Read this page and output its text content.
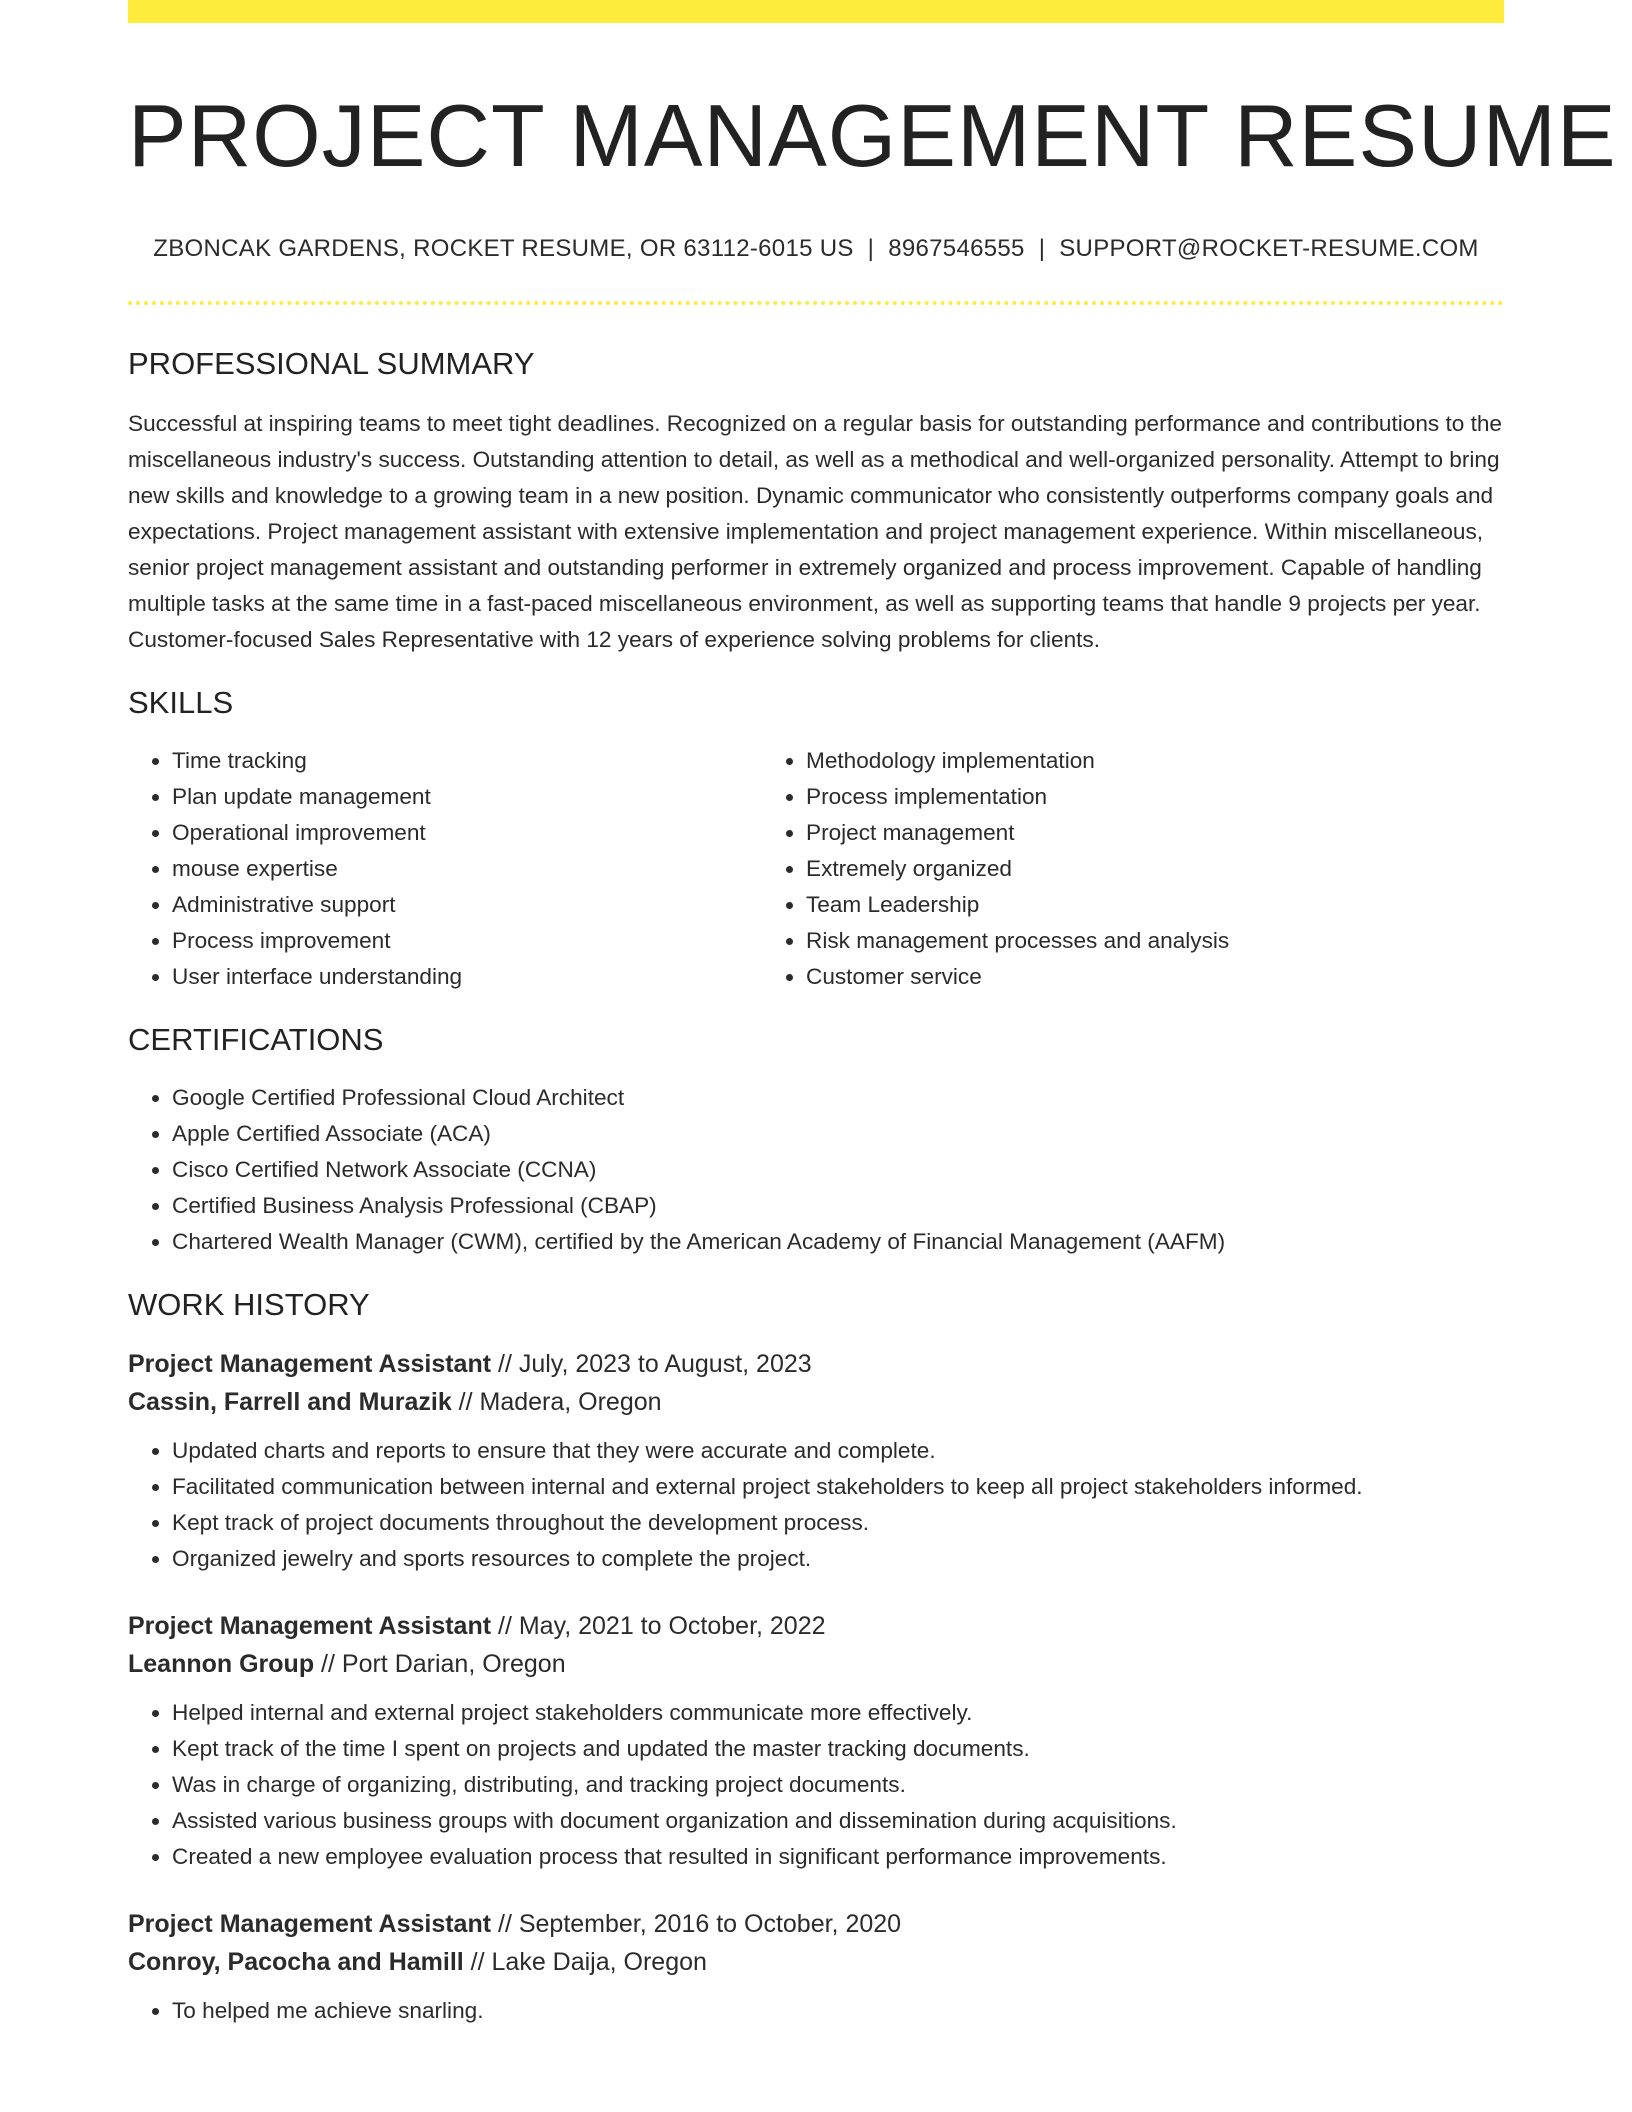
PROJECT MANAGEMENT RESUME
ZBONCAK GARDENS, ROCKET RESUME, OR 63112-6015 US | 8967546555 | SUPPORT@ROCKET-RESUME.COM
PROFESSIONAL SUMMARY

Successful at inspiring teams to meet tight deadlines. Recognized on a regular basis for outstanding performance and contributions to the miscellaneous industry's success. Outstanding attention to detail, as well as a methodical and well-organized personality. Attempt to bring new skills and knowledge to a growing team in a new position. Dynamic communicator who consistently outperforms company goals and expectations. Project management assistant with extensive implementation and project management experience. Within miscellaneous, senior project management assistant and outstanding performer in extremely organized and process improvement. Capable of handling multiple tasks at the same time in a fast-paced miscellaneous environment, as well as supporting teams that handle 9 projects per year. Customer-focused Sales Representative with 12 years of experience solving problems for clients.

SKILLS
• Time tracking
• Plan update management
• Operational improvement
• mouse expertise
• Administrative support
• Process improvement
• User interface understanding
• Methodology implementation
• Process implementation
• Project management
• Extremely organized
• Team Leadership
• Risk management processes and analysis
• Customer service
CERTIFICATIONS
• Google Certified Professional Cloud Architect
• Apple Certified Associate (ACA)
• Cisco Certified Network Associate (CCNA)
• Certified Business Analysis Professional (CBAP)
• Chartered Wealth Manager (CWM), certified by the American Academy of Financial Management (AAFM)
WORK HISTORY
Project Management Assistant // July, 2023 to August, 2023
Cassin, Farrell and Murazik // Madera, Oregon
• Updated charts and reports to ensure that they were accurate and complete.
• Facilitated communication between internal and external project stakeholders to keep all project stakeholders informed.
• Kept track of project documents throughout the development process.
• Organized jewelry and sports resources to complete the project.
Project Management Assistant // May, 2021 to October, 2022
Leannon Group // Port Darian, Oregon
• Helped internal and external project stakeholders communicate more effectively.
• Kept track of the time I spent on projects and updated the master tracking documents.
• Was in charge of organizing, distributing, and tracking project documents.
• Assisted various business groups with document organization and dissemination during acquisitions.
• Created a new employee evaluation process that resulted in significant performance improvements.
Project Management Assistant // September, 2016 to October, 2020
Conroy, Pacocha and Hamill // Lake Daija, Oregon
• To helped me achieve snarling.
